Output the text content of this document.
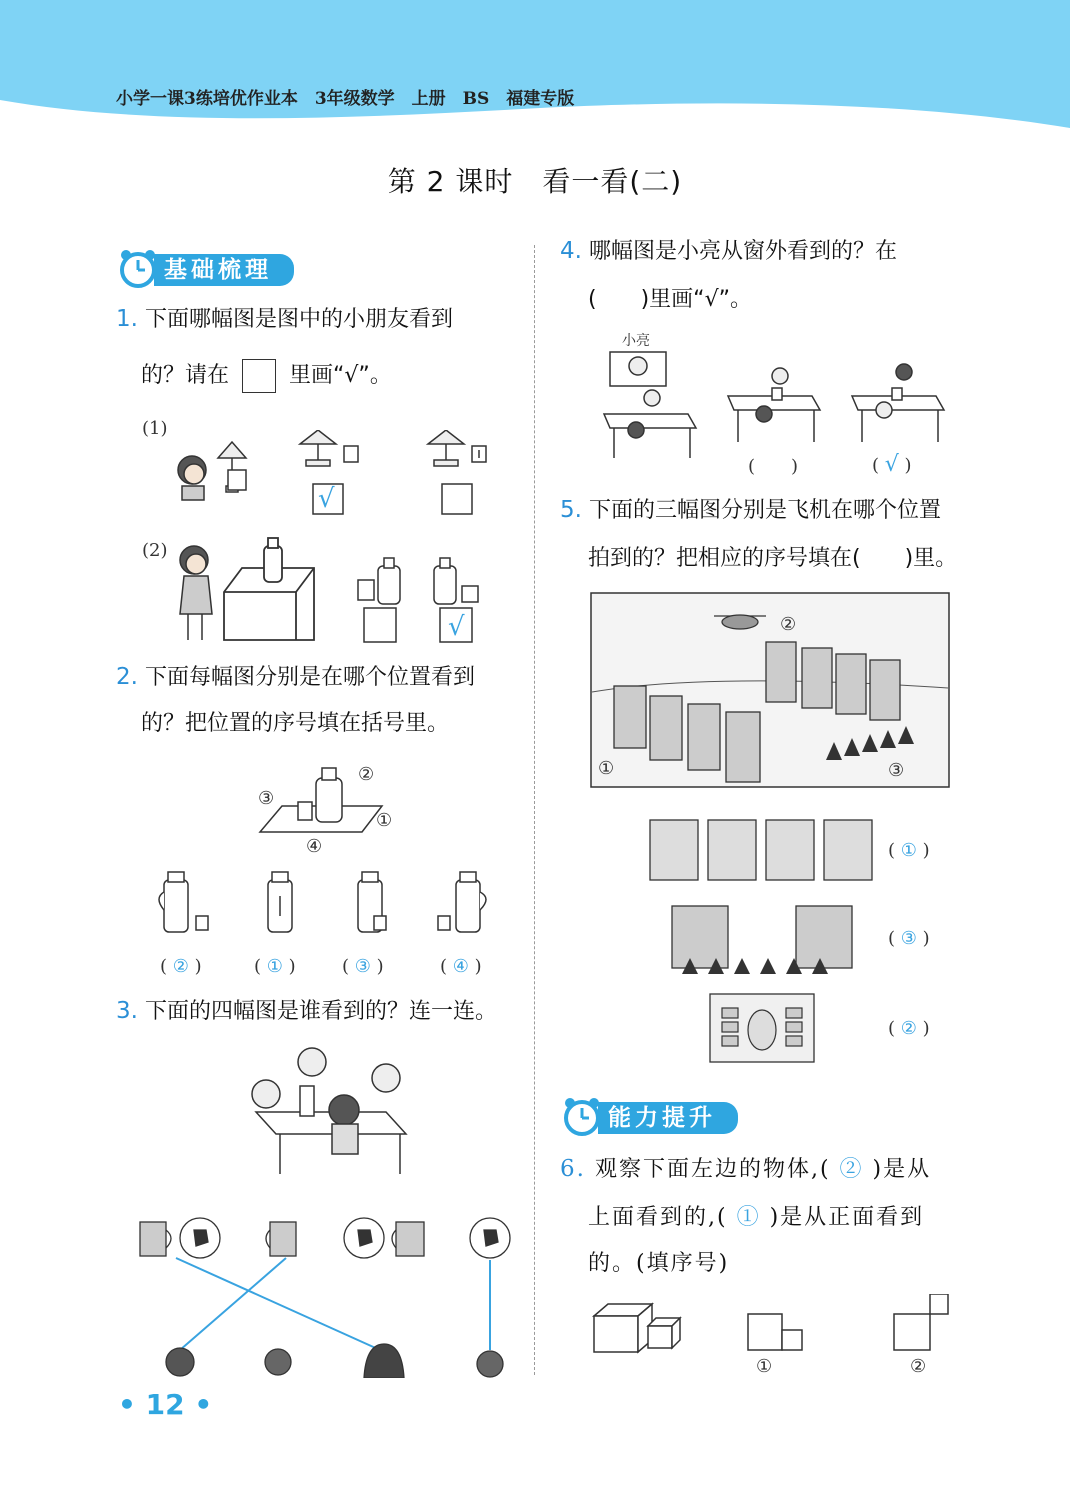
小学一课3练培优作业本　3年级数学　上册　BS　福建专版
第 2 课时　看一看(二)
基础梳理
1. 下面哪幅图是图中的小朋友看到
的？请在	里画“√”。
(1)
√
(2)
√
2. 下面每幅图分别是在哪个位置看到
的？把位置的序号填在括号里。
③
②
①
④
( ② )	( ① )	( ③ )	( ④ )
3. 下面的四幅图是谁看到的？连一连。
• 12 •
4. 哪幅图是小亮从窗外看到的？在
(　　)里画“√”。
小亮
(　　)	( √ )
5. 下面的三幅图分别是飞机在哪个位置
拍到的？把相应的序号填在(　　)里。
②
①	③
( ① )
( ③ )
( ② )
能力提升
6. 观察下面左边的物体,( ② )是从
上面看到的,( ① )是从正面看到
的。(填序号)
①	②
